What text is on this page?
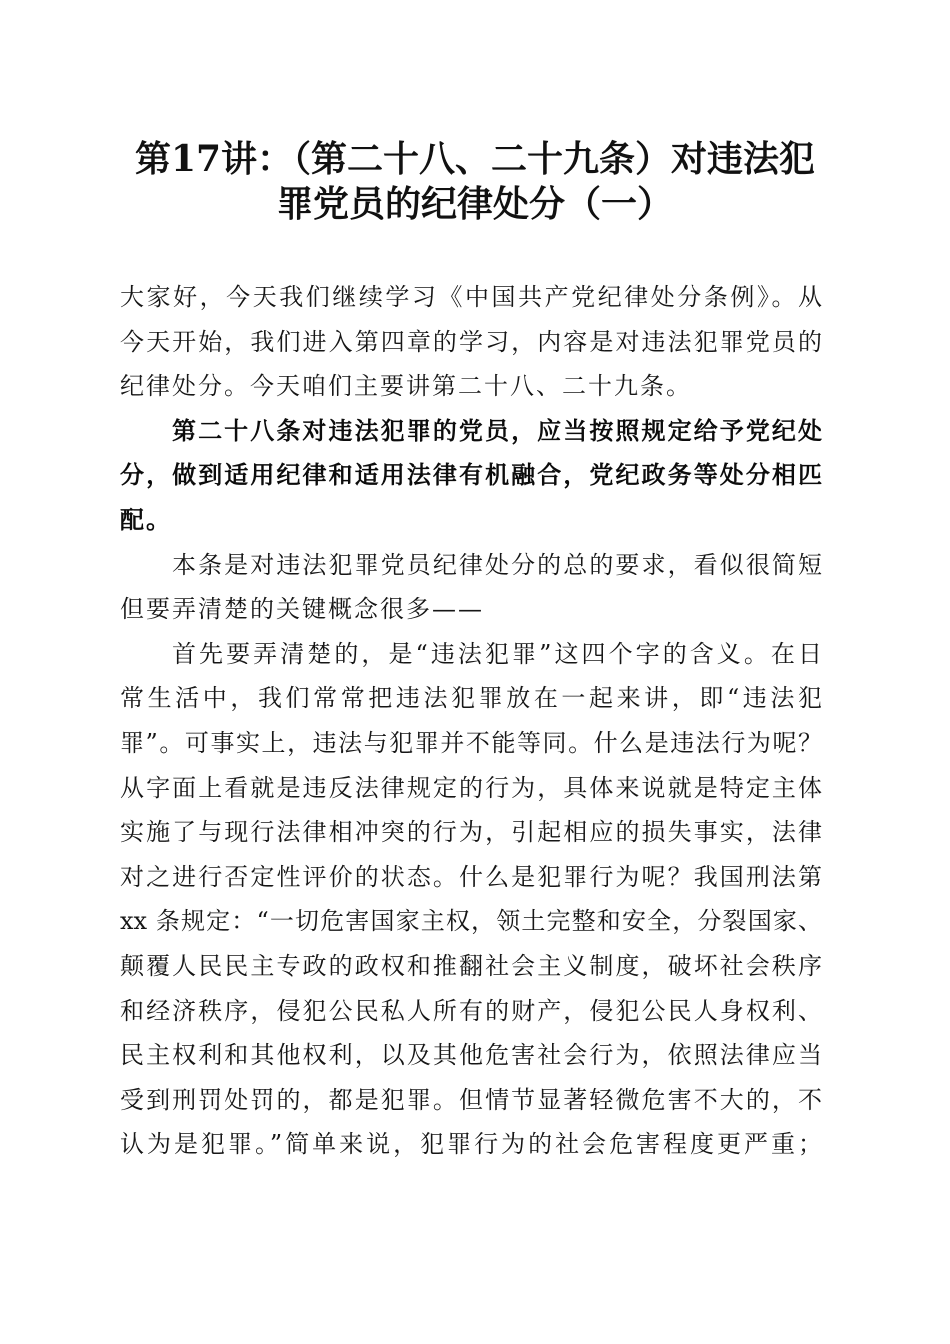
第17讲：（第二十八、二十九条）对违法犯
罪党员的纪律处分（一）
大家好，今天我们继续学习《中国共产党纪律处分条例》。从
今天开始，我们进入第四章的学习，内容是对违法犯罪党员的
纪律处分。今天咱们主要讲第二十八、二十九条。
第二十八条对违法犯罪的党员，应当按照规定给予党纪处
分，做到适用纪律和适用法律有机融合，党纪政务等处分相匹
配。
本条是对违法犯罪党员纪律处分的总的要求，看似很简短
但要弄清楚的关键概念很多——
首先要弄清楚的，是“违法犯罪”这四个字的含义。在日
常生活中，我们常常把违法犯罪放在一起来讲，即“违法犯
罪”。可事实上，违法与犯罪并不能等同。什么是违法行为呢？
从字面上看就是违反法律规定的行为，具体来说就是特定主体
实施了与现行法律相冲突的行为，引起相应的损失事实，法律
对之进行否定性评价的状态。什么是犯罪行为呢？我国刑法第
xx 条规定：“一切危害国家主权，领土完整和安全，分裂国家、
颠覆人民民主专政的政权和推翻社会主义制度，破坏社会秩序
和经济秩序，侵犯公民私人所有的财产，侵犯公民人身权利、
民主权利和其他权利，以及其他危害社会行为，依照法律应当
受到刑罚处罚的，都是犯罪。但情节显著轻微危害不大的，不
认为是犯罪。”简单来说，犯罪行为的社会危害程度更严重；
